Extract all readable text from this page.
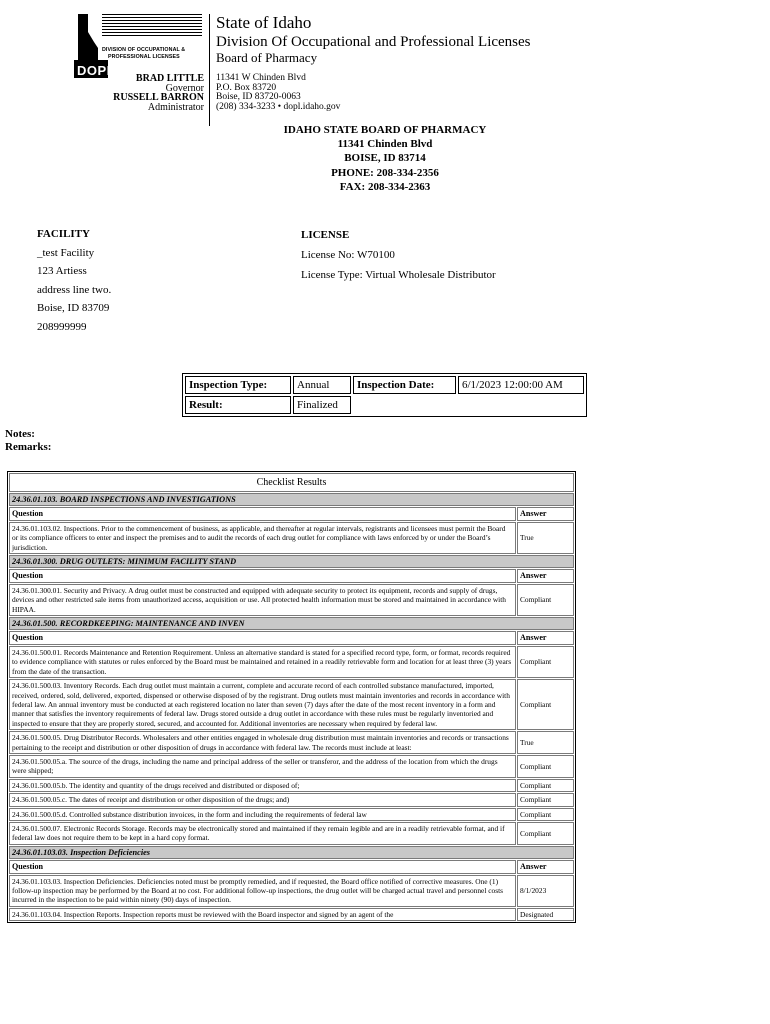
DOPL
DIVISION OF OCCUPATIONAL &
PROFESSIONAL LICENSES
State of Idaho
Division Of Occupational and Professional Licenses
Board of Pharmacy
BRAD LITTLE
Governor
RUSSELL BARRON
Administrator
11341 W Chinden Blvd
P.O. Box 83720
Boise, ID 83720-0063
(208) 334-3233 • dopl.idaho.gov
IDAHO STATE BOARD OF PHARMACY
11341 Chinden Blvd
BOISE, ID 83714
PHONE: 208-334-2356
FAX: 208-334-2363
FACILITY
_test Facility
123 Artiess
address line two.
Boise, ID 83709
208999999
LICENSE
License No: W70100
License Type: Virtual Wholesale Distributor
Inspection Type:	Annual	Inspection Date:	6/1/2023 12:00:00 AM
Result:	Finalized		
Notes:
Remarks:
Checklist Results	
24.36.01.103. BOARD INSPECTIONS AND INVESTIGATIONS	
Question	Answer
24.36.01.103.02. Inspections. Prior to the commencement of business, as applicable, and thereafter at regular intervals, registrants and licensees must permit the Board or its compliance officers to enter and inspect the premises and to audit the records of each drug outlet for compliance with laws enforced by or under the Board’s jurisdiction.	True
24.36.01.300. DRUG OUTLETS: MINIMUM FACILITY STAND	
Question	Answer
24.36.01.300.01. Security and Privacy. A drug outlet must be constructed and equipped with adequate security to protect its equipment, records and supply of drugs, devices and other restricted sale items from unauthorized access, acquisition or use. All protected health information must be stored and maintained in accordance with HIPAA.	Compliant
24.36.01.500. RECORDKEEPING: MAINTENANCE AND INVEN	
Question	Answer
24.36.01.500.01. Records Maintenance and Retention Requirement. Unless an alternative standard is stated for a specified record type, form, or format, records required to evidence compliance with statutes or rules enforced by the Board must be maintained and retained in a readily retrievable form and location for at least three (3) years from the date of the transaction.	Compliant
24.36.01.500.03. Inventory Records. Each drug outlet must maintain a current, complete and accurate record of each controlled substance manufactured, imported, received, ordered, sold, delivered, exported, dispensed or otherwise disposed of by the registrant. Drug outlets must maintain inventories and records in accordance with federal law. An annual inventory must be conducted at each registered location no later than seven (7) days after the date of the most recent inventory in a form and manner that satisfies the inventory requirements of federal law. Drugs stored outside a drug outlet in accordance with these rules must be regularly inventoried and inspected to ensure that they are properly stored, secured, and accounted for. Additional inventories are necessary when required by federal law.	Compliant
24.36.01.500.05. Drug Distributor Records. Wholesalers and other entities engaged in wholesale drug distribution must maintain inventories and records or transactions pertaining to the receipt and distribution or other disposition of drugs in accordance with federal law. The records must include at least:	True
24.36.01.500.05.a. The source of the drugs, including the name and principal address of the seller or transferor, and the address of the location from which the drugs were shipped;	Compliant
24.36.01.500.05.b. The identity and quantity of the drugs received and distributed or disposed of;	Compliant
24.36.01.500.05.c. The dates of receipt and distribution or other disposition of the drugs; and)	Compliant
24.36.01.500.05.d. Controlled substance distribution invoices, in the form and including the requirements of federal law	Compliant
24.36.01.500.07. Electronic Records Storage. Records may be electronically stored and maintained if they remain legible and are in a readily retrievable format, and if federal law does not require them to be kept in a hard copy format.	Compliant
24.36.01.103.03. Inspection Deficiencies	
Question	Answer
24.36.01.103.03. Inspection Deficiencies. Deficiencies noted must be promptly remedied, and if requested, the Board office notified of corrective measures. One (1) follow-up inspection may be performed by the Board at no cost. For additional follow-up inspections, the drug outlet will be charged actual travel and personnel costs incurred in the inspection to be paid within ninety (90) days of inspection.	8/1/2023
24.36.01.103.04. Inspection Reports. Inspection reports must be reviewed with the Board inspector and signed by an agent of the	Designated
